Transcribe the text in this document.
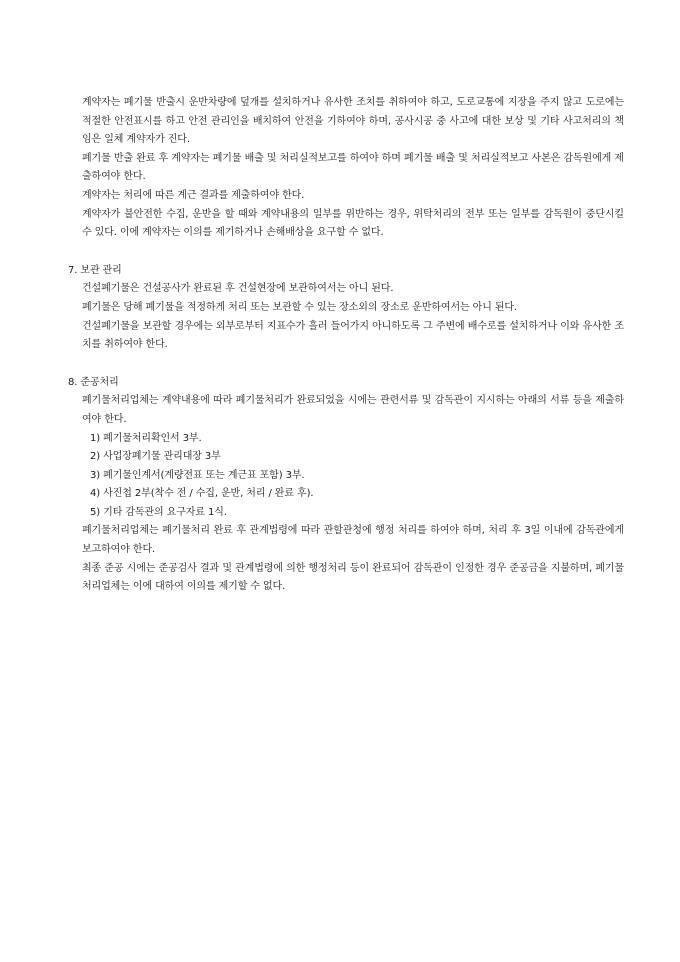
계약자는 폐기물 반출시 운반차량에 덮개를 설치하거나 유사한 조치를 취하여야 하고, 도로교통에 지장을 주지 않고 도로에는 적절한 안전표시를 하고 안전 관리인을 배치하여 안전을 기하여야 하며, 공사시공 중 사고에 대한 보상 및 기타 사고처리의 책임은 일체 계약자가 진다.

폐기물 반출 완료 후 계약자는 폐기물 배출 및 처리실적보고를 하여야 하며 폐기물 배출 및 처리실적보고 사본은 감독원에게 제출하여야 한다.

계약자는 처리에 따른 계근 결과를 제출하여야 한다.

계약자가 불안전한 수집, 운반을 할 때와 계약내용의 일부를 위반하는 경우, 위탁처리의 전부 또는 일부를 감독원이 중단시킬 수 있다. 이에 계약자는 이의를 제기하거나 손해배상을 요구할 수 없다.

7. 보관 관리

건설폐기물은 건설공사가 완료된 후 건설현장에 보관하여서는 아니 된다.

폐기물은 당해 폐기물을 적정하게 처리 또는 보관할 수 있는 장소외의 장소로 운반하여서는 아니 된다.

건설폐기물을 보관할 경우에는 외부로부터 지표수가 흘러 들어가지 아니하도록 그 주변에 배수로를 설치하거나 이와 유사한 조치를 취하여야 한다.

8. 준공처리

폐기물처리업체는 계약내용에 따라 폐기물처리가 완료되었을 시에는 관련서류 및 감독관이 지시하는 아래의 서류 등을 제출하여야 한다.

1) 폐기물처리확인서 3부.
2) 사업장폐기물 관리대장 3부
3) 폐기물인계서(계량전표 또는 계근표 포함) 3부.
4) 사진첩 2부(착수 전 / 수집, 운반, 처리 / 완료 후).
5) 기타 감독관의 요구자료 1식.

폐기물처리업체는 폐기물처리 완료 후 관계법령에 따라 관할관청에 행정 처리를 하여야 하며, 처리 후 3일 이내에 감독관에게 보고하여야 한다.

최종 준공 시에는 준공검사 결과 및 관계법령에 의한 행정처리 등이 완료되어 감독관이 인정한 경우 준공금을 지불하며, 폐기물처리업체는 이에 대하여 이의를 제기할 수 없다.
